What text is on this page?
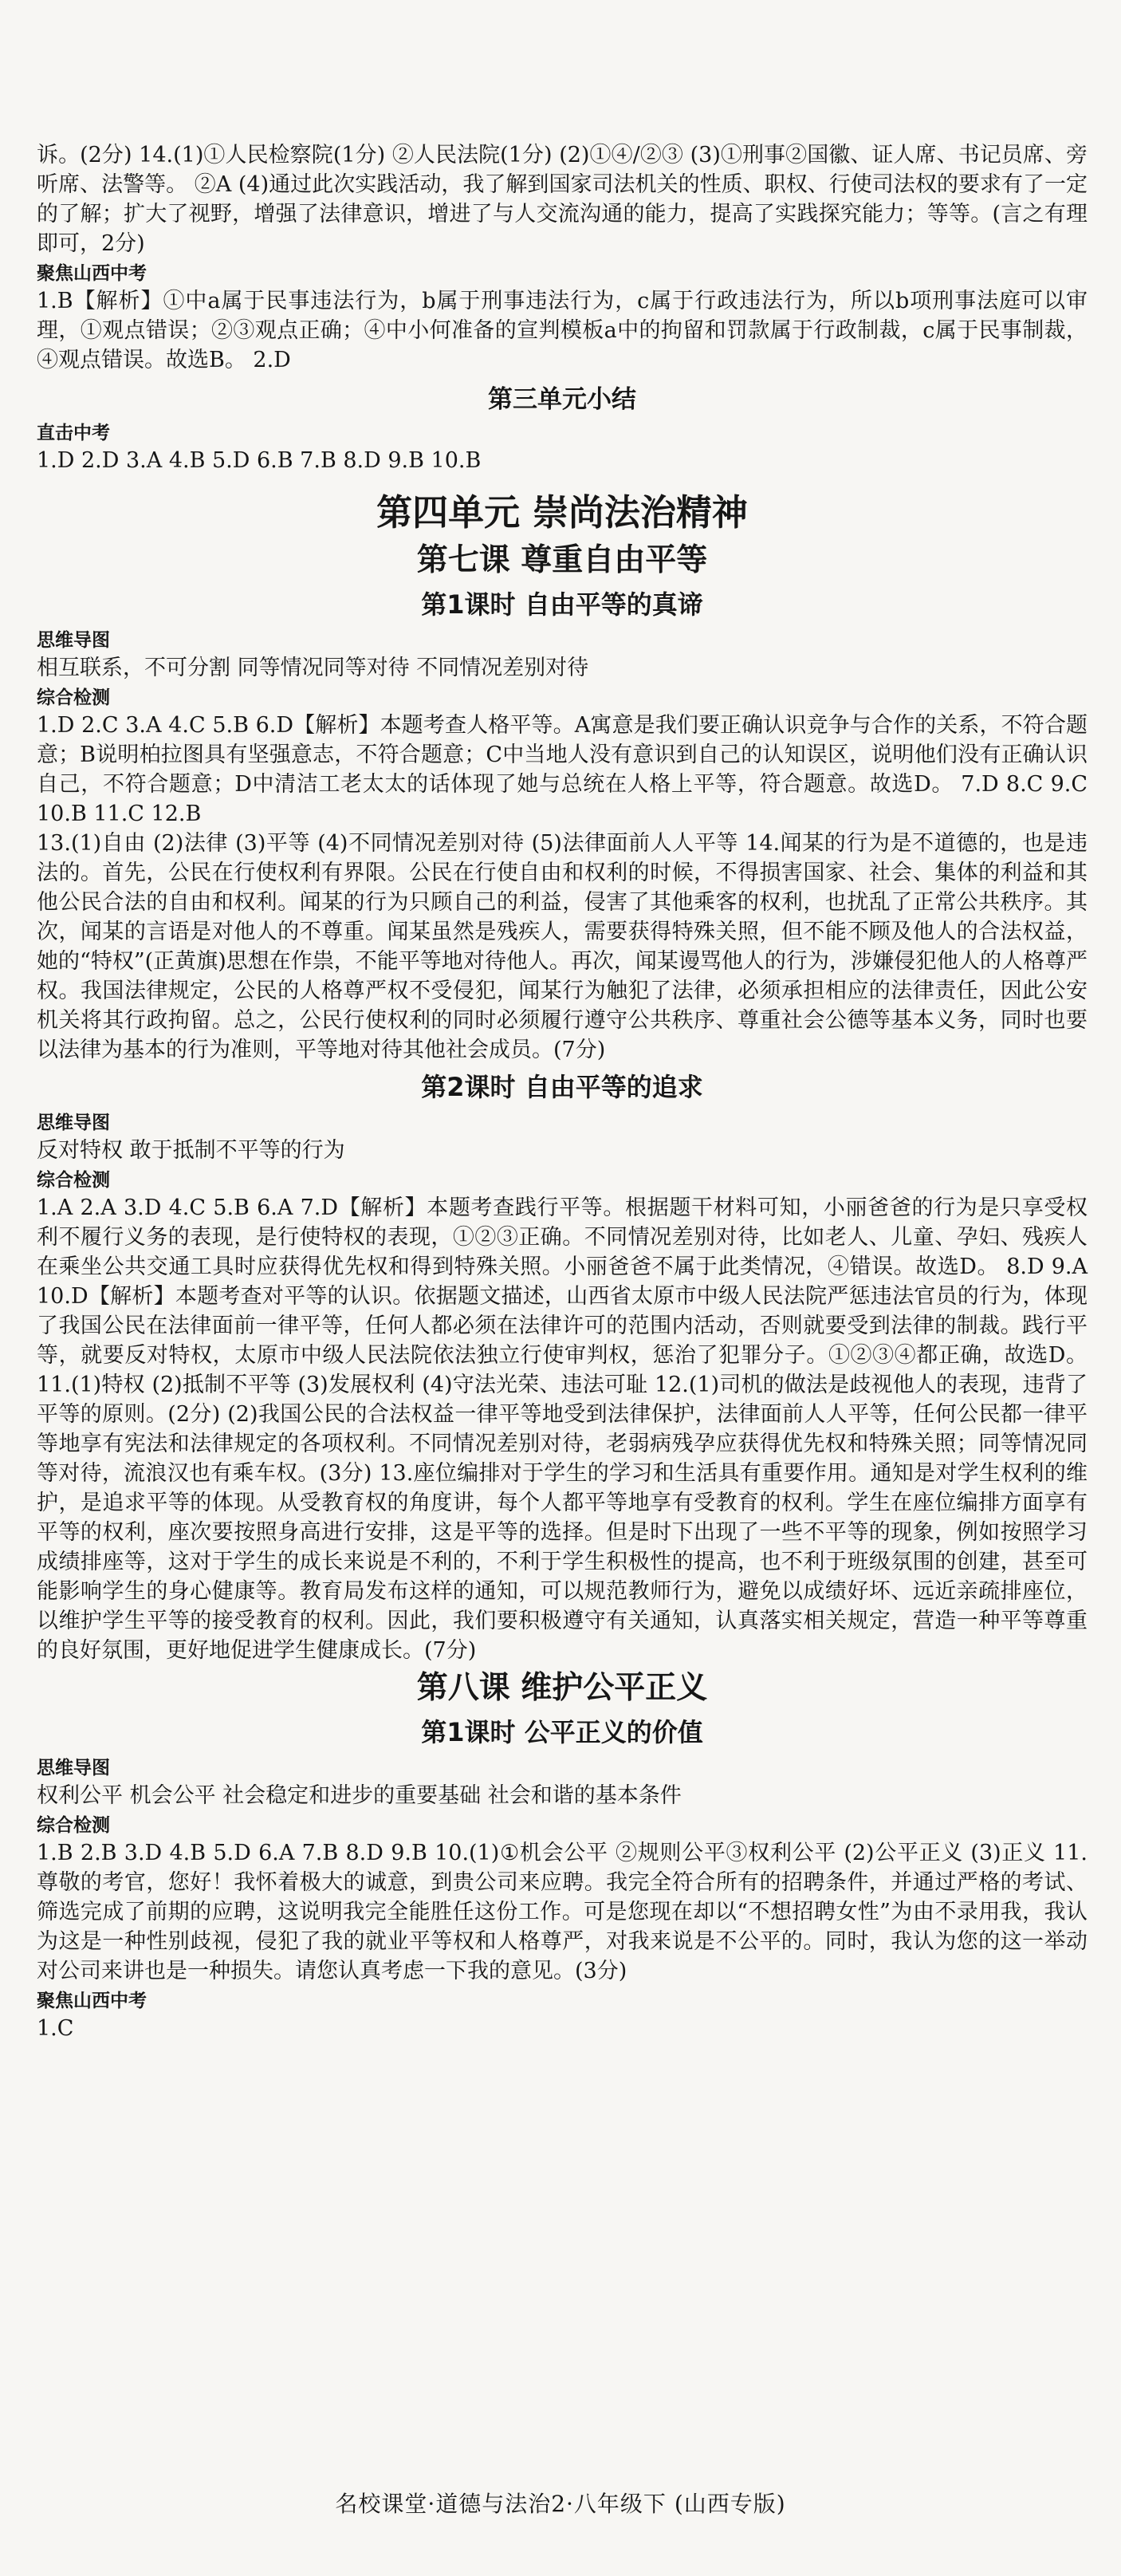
诉。(2分) 14.(1)①人民检察院(1分) ②人民法院(1分) (2)①④/②③ (3)①刑事②国徽、证人席、书记员席、旁听席、法警等。 ②A (4)通过此次实践活动，我了解到国家司法机关的性质、职权、行使司法权的要求有了一定的了解；扩大了视野，增强了法律意识，增进了与人交流沟通的能力，提高了实践探究能力；等等。(言之有理即可，2分)

聚焦山西中考

1.B【解析】①中a属于民事违法行为，b属于刑事违法行为，c属于行政违法行为，所以b项刑事法庭可以审理，①观点错误；②③观点正确；④中小何准备的宣判模板a中的拘留和罚款属于行政制裁，c属于民事制裁，④观点错误。故选B。 2.D

第三单元小结
直击中考

1.D 2.D 3.A 4.B 5.D 6.B 7.B 8.D 9.B 10.B

第四单元 崇尚法治精神
第七课 尊重自由平等
第1课时 自由平等的真谛
思维导图

相互联系，不可分割 同等情况同等对待 不同情况差别对待

综合检测

1.D 2.C 3.A 4.C 5.B 6.D【解析】本题考查人格平等。A寓意是我们要正确认识竞争与合作的关系，不符合题意；B说明柏拉图具有坚强意志，不符合题意；C中当地人没有意识到自己的认知误区，说明他们没有正确认识自己，不符合题意；D中清洁工老太太的话体现了她与总统在人格上平等，符合题意。故选D。 7.D 8.C 9.C 10.B 11.C 12.B

13.(1)自由 (2)法律 (3)平等 (4)不同情况差别对待 (5)法律面前人人平等 14.闻某的行为是不道德的，也是违法的。首先，公民在行使权利有界限。公民在行使自由和权利的时候，不得损害国家、社会、集体的利益和其他公民合法的自由和权利。闻某的行为只顾自己的利益，侵害了其他乘客的权利，也扰乱了正常公共秩序。其次，闻某的言语是对他人的不尊重。闻某虽然是残疾人，需要获得特殊关照，但不能不顾及他人的合法权益，她的“特权”(正黄旗)思想在作祟，不能平等地对待他人。再次，闻某谩骂他人的行为，涉嫌侵犯他人的人格尊严权。我国法律规定，公民的人格尊严权不受侵犯，闻某行为触犯了法律，必须承担相应的法律责任，因此公安机关将其行政拘留。总之，公民行使权利的同时必须履行遵守公共秩序、尊重社会公德等基本义务，同时也要以法律为基本的行为准则，平等地对待其他社会成员。(7分)

第2课时 自由平等的追求
思维导图

反对特权 敢于抵制不平等的行为

综合检测

1.A 2.A 3.D 4.C 5.B 6.A 7.D【解析】本题考查践行平等。根据题干材料可知，小丽爸爸的行为是只享受权利不履行义务的表现，是行使特权的表现，①②③正确。不同情况差别对待，比如老人、儿童、孕妇、残疾人在乘坐公共交通工具时应获得优先权和得到特殊关照。小丽爸爸不属于此类情况，④错误。故选D。 8.D 9.A 10.D【解析】本题考查对平等的认识。依据题文描述，山西省太原市中级人民法院严惩违法官员的行为，体现了我国公民在法律面前一律平等，任何人都必须在法律许可的范围内活动，否则就要受到法律的制裁。践行平等，就要反对特权，太原市中级人民法院依法独立行使审判权，惩治了犯罪分子。①②③④都正确，故选D。 11.(1)特权 (2)抵制不平等 (3)发展权利 (4)守法光荣、违法可耻 12.(1)司机的做法是歧视他人的表现，违背了平等的原则。(2分) (2)我国公民的合法权益一律平等地受到法律保护，法律面前人人平等，任何公民都一律平等地享有宪法和法律规定的各项权利。不同情况差别对待，老弱病残孕应获得优先权和特殊关照；同等情况同等对待，流浪汉也有乘车权。(3分) 13.座位编排对于学生的学习和生活具有重要作用。通知是对学生权利的维护，是追求平等的体现。从受教育权的角度讲，每个人都平等地享有受教育的权利。学生在座位编排方面享有平等的权利，座次要按照身高进行安排，这是平等的选择。但是时下出现了一些不平等的现象，例如按照学习成绩排座等，这对于学生的成长来说是不利的，不利于学生积极性的提高，也不利于班级氛围的创建，甚至可能影响学生的身心健康等。教育局发布这样的通知，可以规范教师行为，避免以成绩好坏、远近亲疏排座位，以维护学生平等的接受教育的权利。因此，我们要积极遵守有关通知，认真落实相关规定，营造一种平等尊重的良好氛围，更好地促进学生健康成长。(7分)

第八课 维护公平正义
第1课时 公平正义的价值
思维导图

权利公平 机会公平 社会稳定和进步的重要基础 社会和谐的基本条件

综合检测

1.B 2.B 3.D 4.B 5.D 6.A 7.B 8.D 9.B 10.(1)①机会公平 ②规则公平③权利公平 (2)公平正义 (3)正义 11.尊敬的考官，您好！我怀着极大的诚意，到贵公司来应聘。我完全符合所有的招聘条件，并通过严格的考试、筛选完成了前期的应聘，这说明我完全能胜任这份工作。可是您现在却以“不想招聘女性”为由不录用我，我认为这是一种性别歧视，侵犯了我的就业平等权和人格尊严，对我来说是不公平的。同时，我认为您的这一举动对公司来讲也是一种损失。请您认真考虑一下我的意见。(3分)

聚焦山西中考

1.C

名校课堂·道德与法治2·八年级下 (山西专版)
